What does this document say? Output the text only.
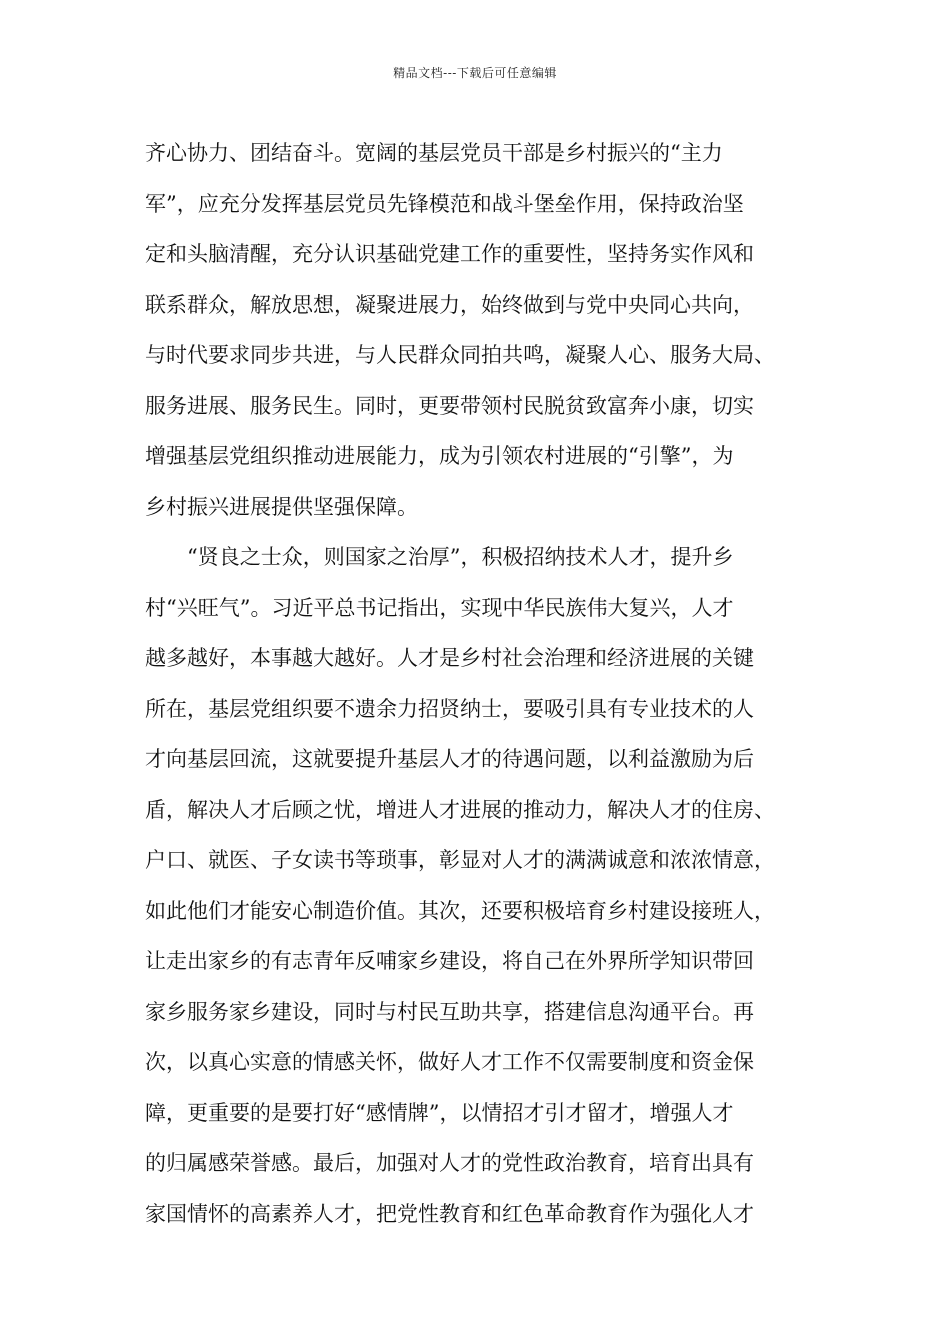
精品文档---下载后可任意编辑
齐心协力、团结奋斗。宽阔的基层党员干部是乡村振兴的“主力
军”，应充分发挥基层党员先锋模范和战斗堡垒作用，保持政治坚
定和头脑清醒，充分认识基础党建工作的重要性，坚持务实作风和
联系群众，解放思想，凝聚进展力，始终做到与党中央同心共向，
与时代要求同步共进，与人民群众同拍共鸣，凝聚人心、服务大局、
服务进展、服务民生。同时，更要带领村民脱贫致富奔小康，切实
增强基层党组织推动进展能力，成为引领农村进展的“引擎”，为
乡村振兴进展提供坚强保障。
“贤良之士众，则国家之治厚”，积极招纳技术人才，提升乡
村“兴旺气”。习近平总书记指出，实现中华民族伟大复兴，人才
越多越好，本事越大越好。人才是乡村社会治理和经济进展的关键
所在，基层党组织要不遗余力招贤纳士，要吸引具有专业技术的人
才向基层回流，这就要提升基层人才的待遇问题，以利益激励为后
盾，解决人才后顾之忧，增进人才进展的推动力，解决人才的住房、
户口、就医、子女读书等琐事，彰显对人才的满满诚意和浓浓情意，
如此他们才能安心制造价值。其次，还要积极培育乡村建设接班人，
让走出家乡的有志青年反哺家乡建设，将自己在外界所学知识带回
家乡服务家乡建设，同时与村民互助共享，搭建信息沟通平台。再
次，以真心实意的情感关怀，做好人才工作不仅需要制度和资金保
障，更重要的是要打好“感情牌”，以情招才引才留才，增强人才
的归属感荣誉感。最后，加强对人才的党性政治教育，培育出具有
家国情怀的高素养人才，把党性教育和红色革命教育作为强化人才
